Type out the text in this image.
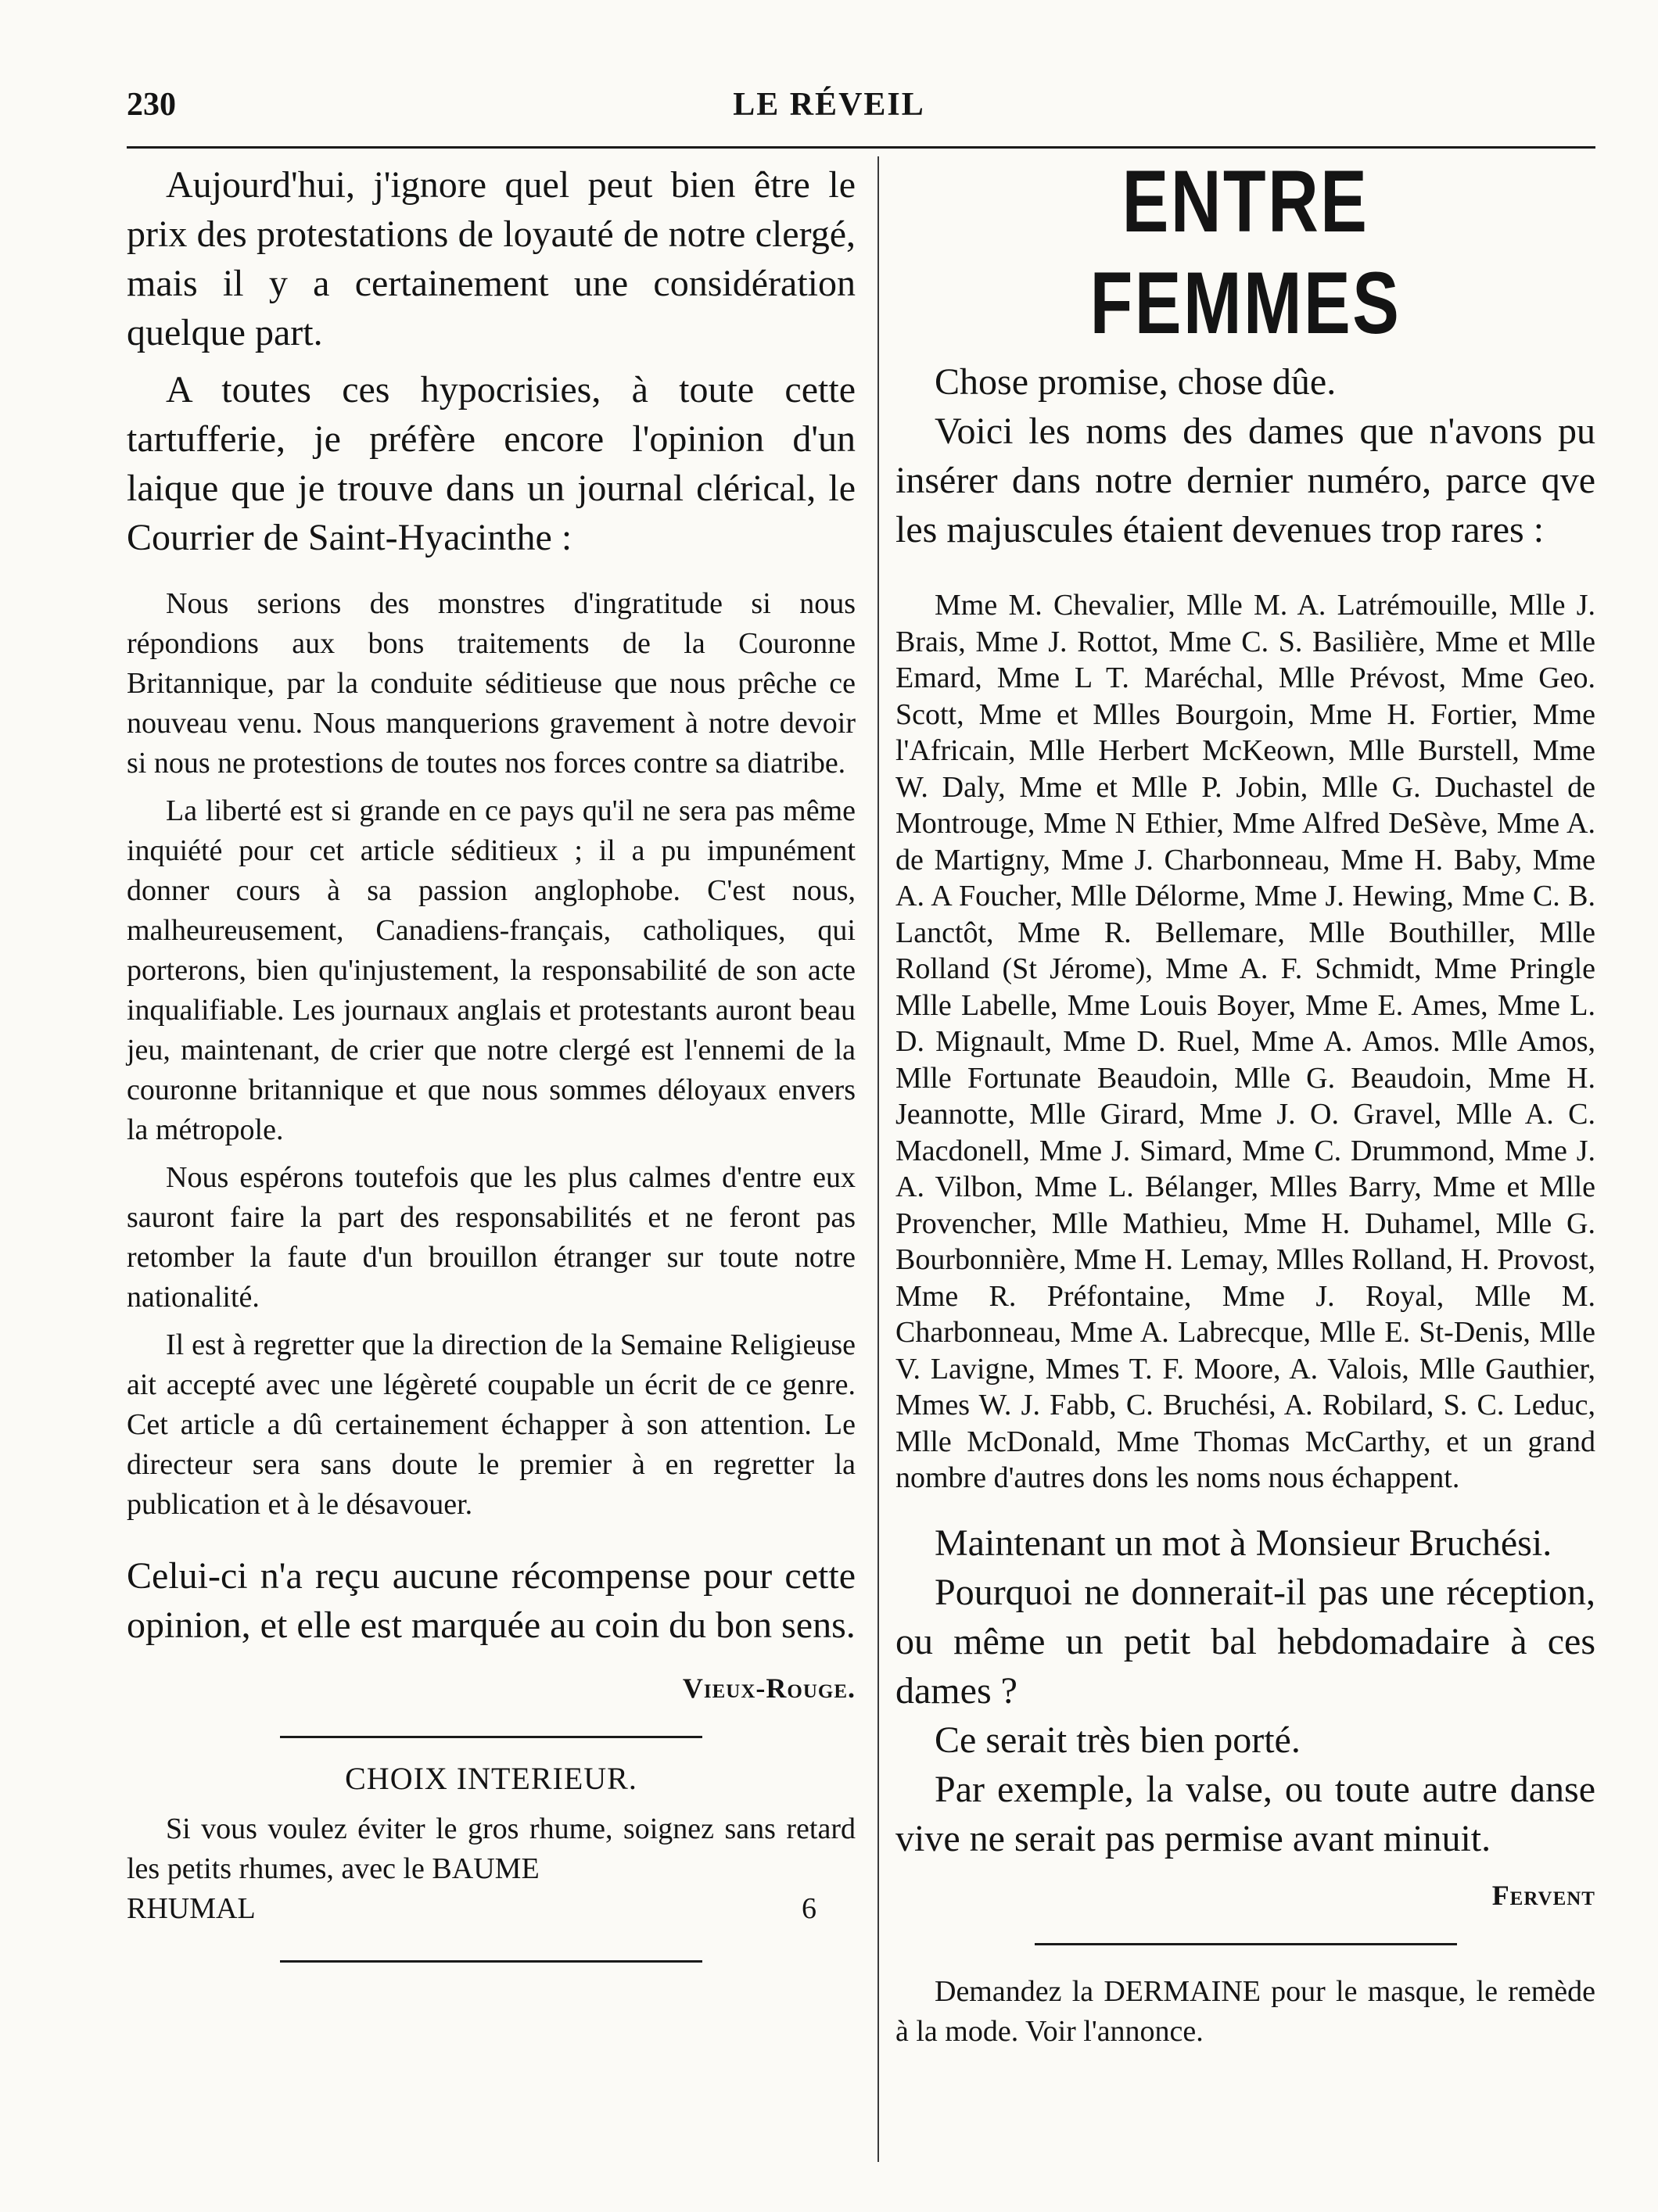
230	LE RÉVEIL

Aujourd'hui, j'ignore quel peut bien être le prix des protestations de loyauté de notre clergé, mais il y a certainement une considération quelque part.

A toutes ces hypocrisies, à toute cette tartufferie, je préfère encore l'opinion d'un laique que je trouve dans un journal clérical, le Courrier de Saint-Hyacinthe :

Nous serions des monstres d'ingratitude si nous répondions aux bons traitements de la Couronne Britannique, par la conduite séditieuse que nous prêche ce nouveau venu. Nous manquerions gravement à notre devoir si nous ne protestions de toutes nos forces contre sa diatribe.

La liberté est si grande en ce pays qu'il ne sera pas même inquiété pour cet article séditieux ; il a pu impunément donner cours à sa passion anglophobe. C'est nous, malheureusement, Canadiens-français, catholiques, qui porterons, bien qu'injustement, la responsabilité de son acte inqualifiable. Les journaux anglais et protestants auront beau jeu, maintenant, de crier que notre clergé est l'ennemi de la couronne britannique et que nous sommes déloyaux envers la métropole.

Nous espérons toutefois que les plus calmes d'entre eux sauront faire la part des responsabilités et ne feront pas retomber la faute d'un brouillon étranger sur toute notre nationalité.

Il est à regretter que la direction de la Semaine Religieuse ait accepté avec une légèreté coupable un écrit de ce genre. Cet article a dû certainement échapper à son attention. Le directeur sera sans doute le premier à en regretter la publication et à le désavouer.

Celui-ci n'a reçu aucune récompense pour cette opinion, et elle est marquée au coin du bon sens.

Vieux-Rouge.
CHOIX INTERIEUR.

Si vous voulez éviter le gros rhume, soignez sans retard les petits rhumes, avec le BAUME

RHUMAL	6
ENTRE FEMMES

Chose promise, chose dûe.

Voici les noms des dames que n'avons pu insérer dans notre dernier numéro, parce qve les majuscules étaient devenues trop rares :

Mme M. Chevalier, Mlle M. A. Latrémouille, Mlle J. Brais, Mme J. Rottot, Mme C. S. Basilière, Mme et Mlle Emard, Mme L T. Maréchal, Mlle Prévost, Mme Geo. Scott, Mme et Mlles Bourgoin, Mme H. Fortier, Mme l'Africain, Mlle Herbert McKeown, Mlle Burstell, Mme W. Daly, Mme et Mlle P. Jobin, Mlle G. Duchastel de Montrouge, Mme N Ethier, Mme Alfred DeSève, Mme A. de Martigny, Mme J. Charbonneau, Mme H. Baby, Mme A. A Foucher, Mlle Délorme, Mme J. Hewing, Mme C. B. Lanctôt, Mme R. Bellemare, Mlle Bouthiller, Mlle Rolland (St Jérome), Mme A. F. Schmidt, Mme Pringle Mlle Labelle, Mme Louis Boyer, Mme E. Ames, Mme L. D. Mignault, Mme D. Ruel, Mme A. Amos. Mlle Amos, Mlle Fortunate Beaudoin, Mlle G. Beaudoin, Mme H. Jeannotte, Mlle Girard, Mme J. O. Gravel, Mlle A. C. Macdonell, Mme J. Simard, Mme C. Drummond, Mme J. A. Vilbon, Mme L. Bélanger, Mlles Barry, Mme et Mlle Provencher, Mlle Mathieu, Mme H. Duhamel, Mlle G. Bourbonnière, Mme H. Lemay, Mlles Rolland, H. Provost, Mme R. Préfontaine, Mme J. Royal, Mlle M. Charbonneau, Mme A. Labrecque, Mlle E. St-Denis, Mlle V. Lavigne, Mmes T. F. Moore, A. Valois, Mlle Gauthier, Mmes W. J. Fabb, C. Bruchési, A. Robilard, S. C. Leduc, Mlle McDonald, Mme Thomas McCarthy, et un grand nombre d'autres dons les noms nous échappent.

Maintenant un mot à Monsieur Bruchési.

Pourquoi ne donnerait-il pas une réception, ou même un petit bal hebdomadaire à ces dames ?

Ce serait très bien porté.

Par exemple, la valse, ou toute autre danse vive ne serait pas permise avant minuit.

Fervent

Demandez la DERMAINE pour le masque, le remède à la mode. Voir l'annonce.
